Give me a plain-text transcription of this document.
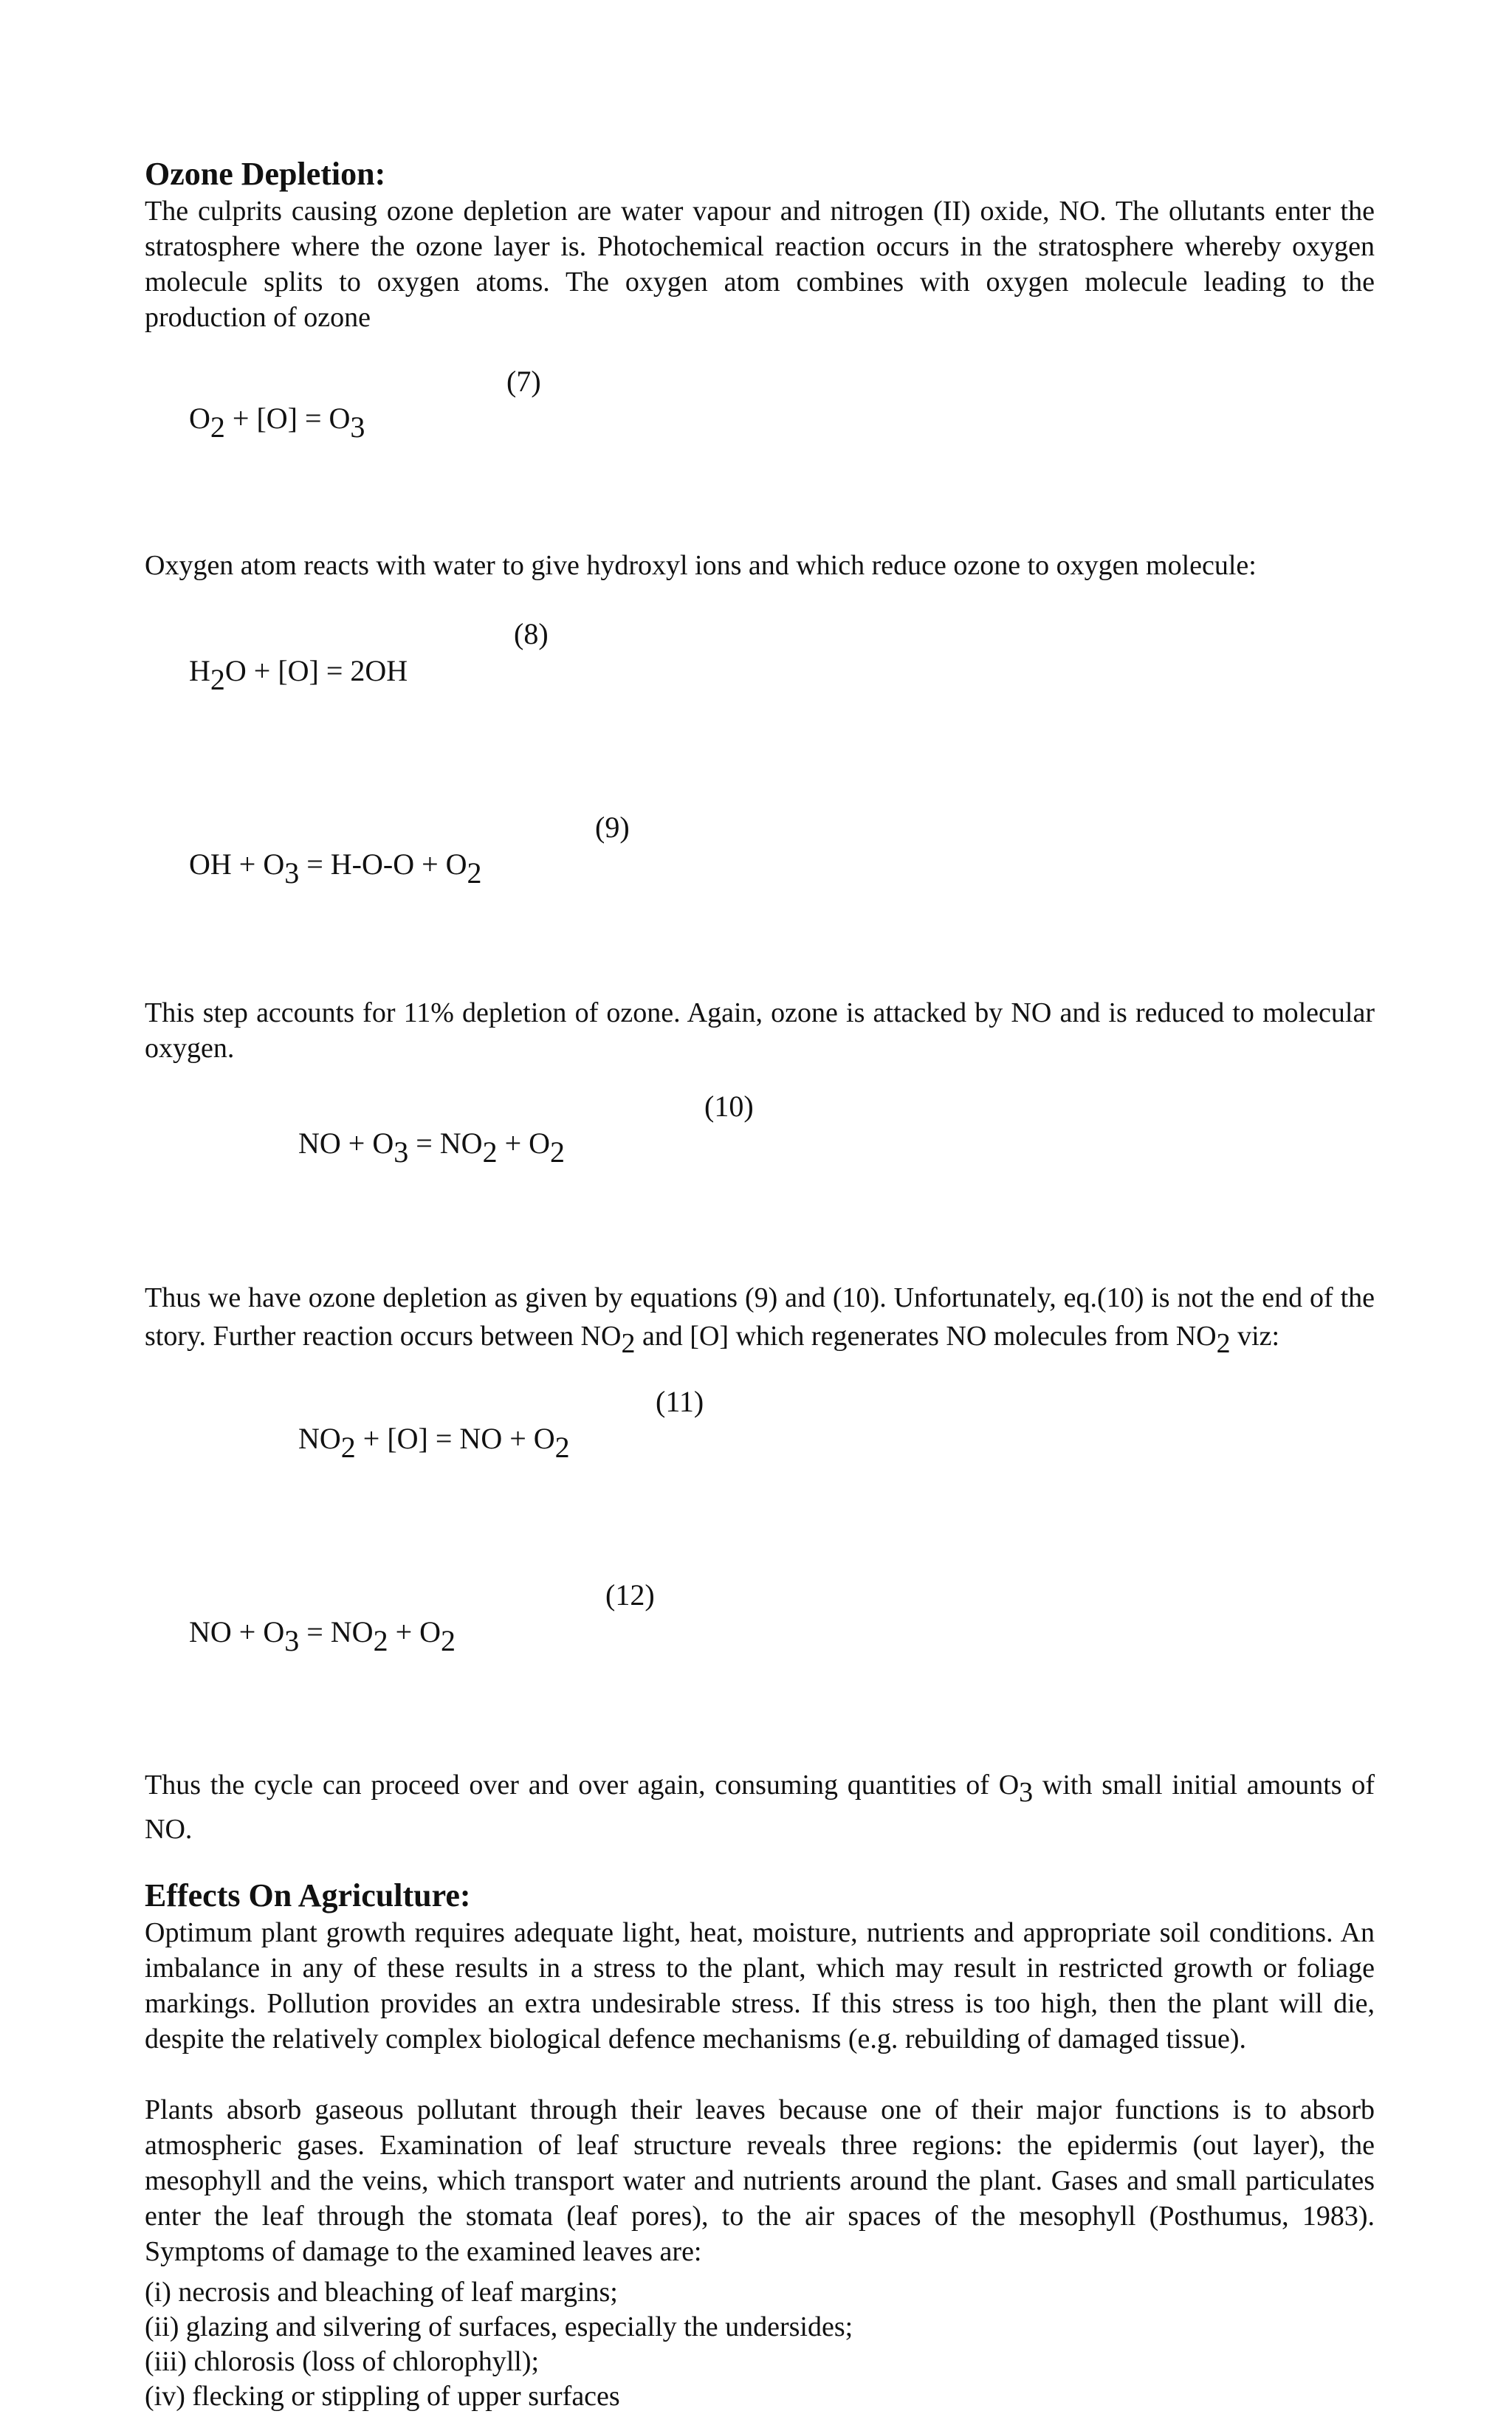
Ozone Depletion:

The culprits causing ozone depletion are water vapour and nitrogen (II) oxide, NO. The ollutants enter the stratosphere where the ozone layer is. Photochemical reaction occurs in the stratosphere whereby oxygen molecule splits to oxygen atoms. The oxygen atom combines with oxygen molecule leading to the production of ozone

$O_2 + [O] = O_3$

(7)

Oxygen atom reacts with water to give hydroxyl ions and which reduce ozone to oxygen molecule:

$H_2O + [O] = 2OH$

(8)

OH + $O_3 = H-O-O + O_2$

(9)

This step accounts for 11% depletion of ozone. Again, ozone is attacked by NO and is reduced to molecular oxygen.

NO + $O_3 = NO_2 + O_2$

(10)

Thus we have ozone depletion as given by equations (9) and (10). Unfortunately, eq.(10) is not the end of the story. Further reaction occurs between $NO_2$ and [O] which regenerates NO molecules from $NO_2$ viz:

$NO_2 + [O]$ = NO + $O_2$

(11)

NO + $O_3 = NO_2 + O_2$

(12)

Thus the cycle can proceed over and over again, consuming quantities of $O_3$ with small initial amounts of NO.

Effects On Agriculture:

Optimum plant growth requires adequate light, heat, moisture, nutrients and appropriate soil conditions. An imbalance in any of these results in a stress to the plant, which may result in restricted growth or foliage markings. Pollution provides an extra undesirable stress. If this stress is too high, then the plant will die, despite the relatively complex biological defence mechanisms (e.g. rebuilding of damaged tissue).

Plants absorb gaseous pollutant through their leaves because one of their major functions is to absorb atmospheric gases. Examination of leaf structure reveals three regions: the epidermis (out layer), the mesophyll and the veins, which transport water and nutrients around the plant. Gases and small particulates enter the leaf through the stomata (leaf pores), to the air spaces of the mesophyll (Posthumus, 1983). Symptoms of damage to the examined leaves are:

(i) necrosis and bleaching of leaf margins;
(ii) glazing and silvering of surfaces, especially the undersides;
(iii) chlorosis (loss of chlorophyll);
(iv) flecking or stippling of upper surfaces
